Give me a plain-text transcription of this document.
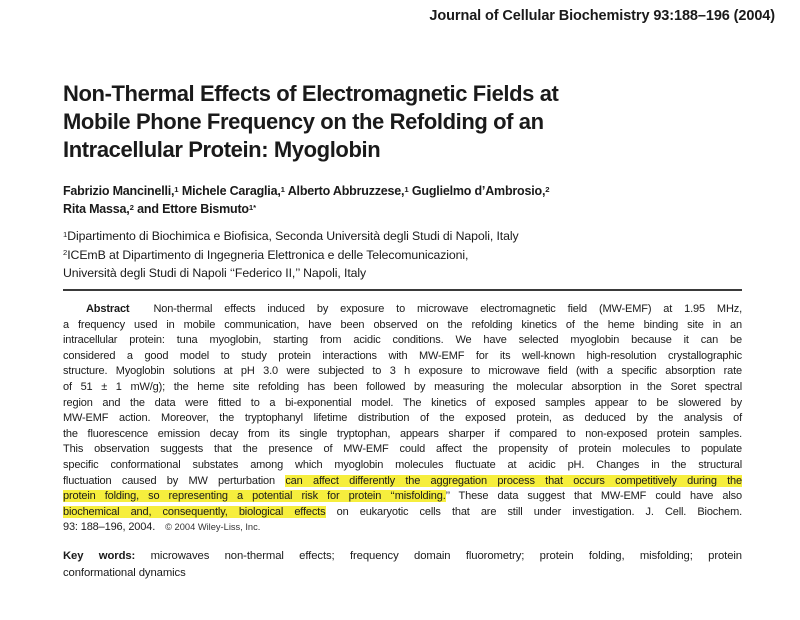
Journal of Cellular Biochemistry 93:188–196 (2004)
Non-Thermal Effects of Electromagnetic Fields at
Mobile Phone Frequency on the Refolding of an
Intracellular Protein: Myoglobin
Fabrizio Mancinelli,$^1$ Michele Caraglia,$^1$ Alberto Abbruzzese,$^1$ Guglielmo d’Ambrosio,$^2$
Rita Massa,$^2$ and Ettore Bismuto$^{1*}$
$^1$Dipartimento di Biochimica e Biofisica, Seconda Università degli Studi di Napoli, Italy
$^2$ICEmB at Dipartimento di Ingegneria Elettronica e delle Telecomunicazioni,
Università degli Studi di Napoli ‘‘Federico II,’’ Napoli, Italy
Abstract Non-thermal effects induced by exposure to microwave electromagnetic field (MW-EMF) at 1.95 MHz,
a frequency used in mobile communication, have been observed on the refolding kinetics of the heme binding site in an
intracellular protein: tuna myoglobin, starting from acidic conditions. We have selected myoglobin because it can be
considered a good model to study protein interactions with MW-EMF for its well-known high-resolution crystallographic
structure. Myoglobin solutions at pH 3.0 were subjected to 3 h exposure to microwave field (with a specific absorption rate
of 51 ± 1 mW/g); the heme site refolding has been followed by measuring the molecular absorption in the Soret spectral
region and the data were fitted to a bi-exponential model. The kinetics of exposed samples appear to be slowered by
MW-EMF action. Moreover, the tryptophanyl lifetime distribution of the exposed protein, as deduced by the analysis of
the fluorescence emission decay from its single tryptophan, appears sharper if compared to non-exposed protein samples.
This observation suggests that the presence of MW-EMF could affect the propensity of protein molecules to populate
specific conformational substates among which myoglobin molecules fluctuate at acidic pH. Changes in the structural
fluctuation caused by MW perturbation can affect differently the aggregation process that occurs competitively during the
protein folding, so representing a potential risk for protein ‘‘misfolding.’’ These data suggest that MW-EMF could have also
biochemical and, consequently, biological effects on eukaryotic cells that are still under investigation. J. Cell. Biochem.
93: 188–196, 2004. © 2004 Wiley-Liss, Inc.
Key words: microwaves non-thermal effects; frequency domain fluorometry; protein folding, misfolding; protein
conformational dynamics
